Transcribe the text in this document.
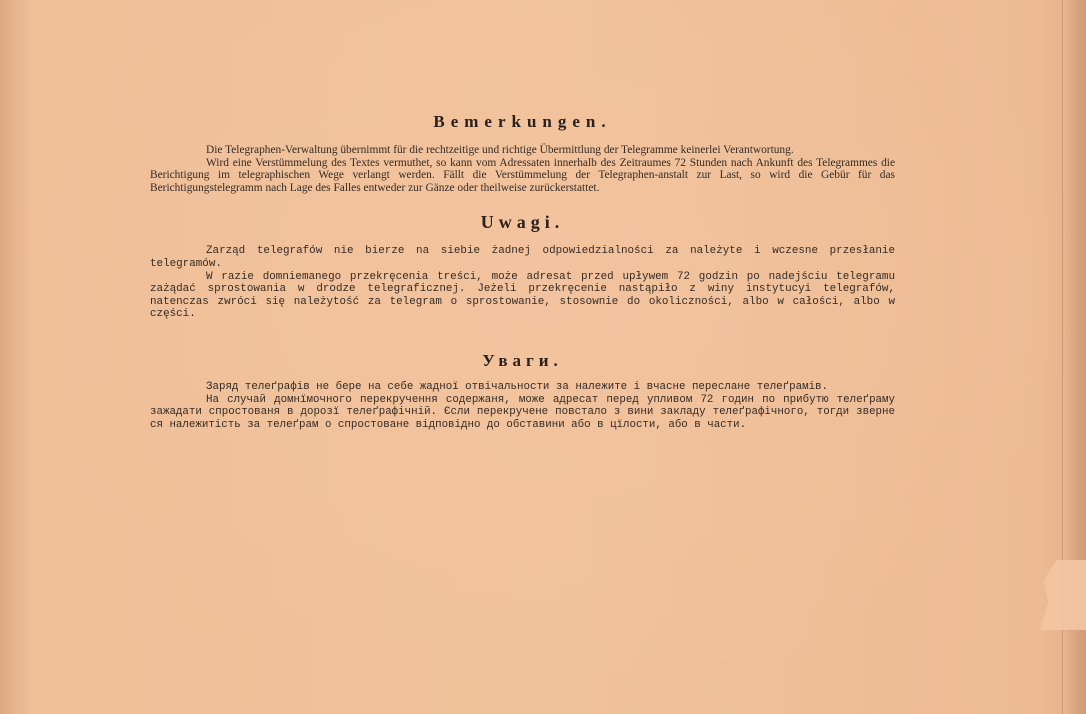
Bemerkungen.

Die Telegraphen-Verwaltung übernimmt für die rechtzeitige und richtige Übermittlung der Telegramme keinerlei Verantwortung.

Wird eine Verstümmelung des Textes vermuthet, so kann vom Adressaten innerhalb des Zeitraumes 72 Stunden nach Ankunft des Telegrammes die Berichtigung im telegraphischen Wege verlangt werden. Fällt die Verstümmelung der Telegraphen-anstalt zur Last, so wird die Gebür für das Berichtigungstelegramm nach Lage des Falles entweder zur Gänze oder theilweise zurückerstattet.

Uwagi.

Zarząd telegrafów nie bierze na siebie żadnej odpowiedzialności za należyte i wczesne przesłanie telegramów.

W razie domniemanego przekręcenia treści, może adresat przed upływem 72 godzin po nadejściu telegramu zażądać sprostowania w drodze telegraficznej. Jeżeli przekręcenie nastąpiło z winy instytucyi telegrafów, natenczas zwróci się należytość za telegram o sprostowanie, stosownie do okoliczności, albo w całości, albo w części.

Уваги.

Заряд телеґрафів не бере на себе жадної отвічальности за належите і вчасне переслане телеґрамів.

На случай домнїмочного перекручення содержаня, може адресат перед упливом 72 годин по прибутю телеґраму зажадати спростованя в дорозї телеґрафічній. Єсли перекручене повстало з вини закладу телеґрафічного, тогди зверне ся належитість за телеґрам о спростоване відповідно до обставини або в цїлости, або в части.
